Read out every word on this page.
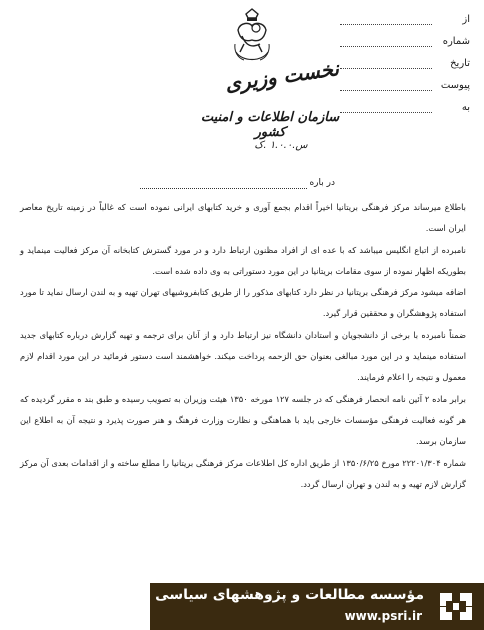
از
شماره
تاریخ
پیوست
به
نخست وزیری
سازمان اطلاعات و امنیت کشور
س.۱.۰.۰ .ک
در باره

باطلاع میرساند مرکز فرهنگی بریتانیا اخیراً اقدام بجمع آوری و خرید کتابهای ایرانی نموده است که غالباً در زمینه تاریخ معاصر ایران است.

نامبرده از اتباع انگلیس میباشد که با عده ای از افراد مظنون ارتباط دارد و در مورد گسترش کتابخانه آن مرکز فعالیت مینماید و بطوریکه اظهار نموده از سوی مقامات بریتانیا در این مورد دستوراتی به وی داده شده است.

اضافه میشود مرکز فرهنگی بریتانیا در نظر دارد کتابهای مذکور را از طریق کتابفروشیهای تهران تهیه و به لندن ارسال نماید تا مورد استفاده پژوهشگران و محققین قرار گیرد.

ضمناً نامبرده با برخی از دانشجویان و استادان دانشگاه نیز ارتباط دارد و از آنان برای ترجمه و تهیه گزارش درباره کتابهای جدید استفاده مینماید و در این مورد مبالغی بعنوان حق الزحمه پرداخت میکند. خواهشمند است دستور فرمائید در این مورد اقدام لازم معمول و نتیجه را اعلام فرمایند.

برابر ماده ۲ آئین نامه انحصار فرهنگی که در جلسه ۱۲۷ مورخه ۱۳۵۰ هیئت وزیران به تصویب رسیده و طبق بند ه مقرر گردیده که هر گونه فعالیت فرهنگی مؤسسات خارجی باید با هماهنگی و نظارت وزارت فرهنگ و هنر صورت پذیرد و نتیجه آن به اطلاع این سازمان برسد.

شماره ۲۲۲۰۱/۳۰۴ مورخ ۱۳۵۰/۶/۲۵ از طریق اداره کل اطلاعات مرکز فرهنگی بریتانیا را مطلع ساخته و از اقدامات بعدی آن مرکز گزارش لازم تهیه و به لندن و تهران ارسال گردد.

مؤسسه مطالعات و پژوهشهای سیاسی
www.psri.ir
